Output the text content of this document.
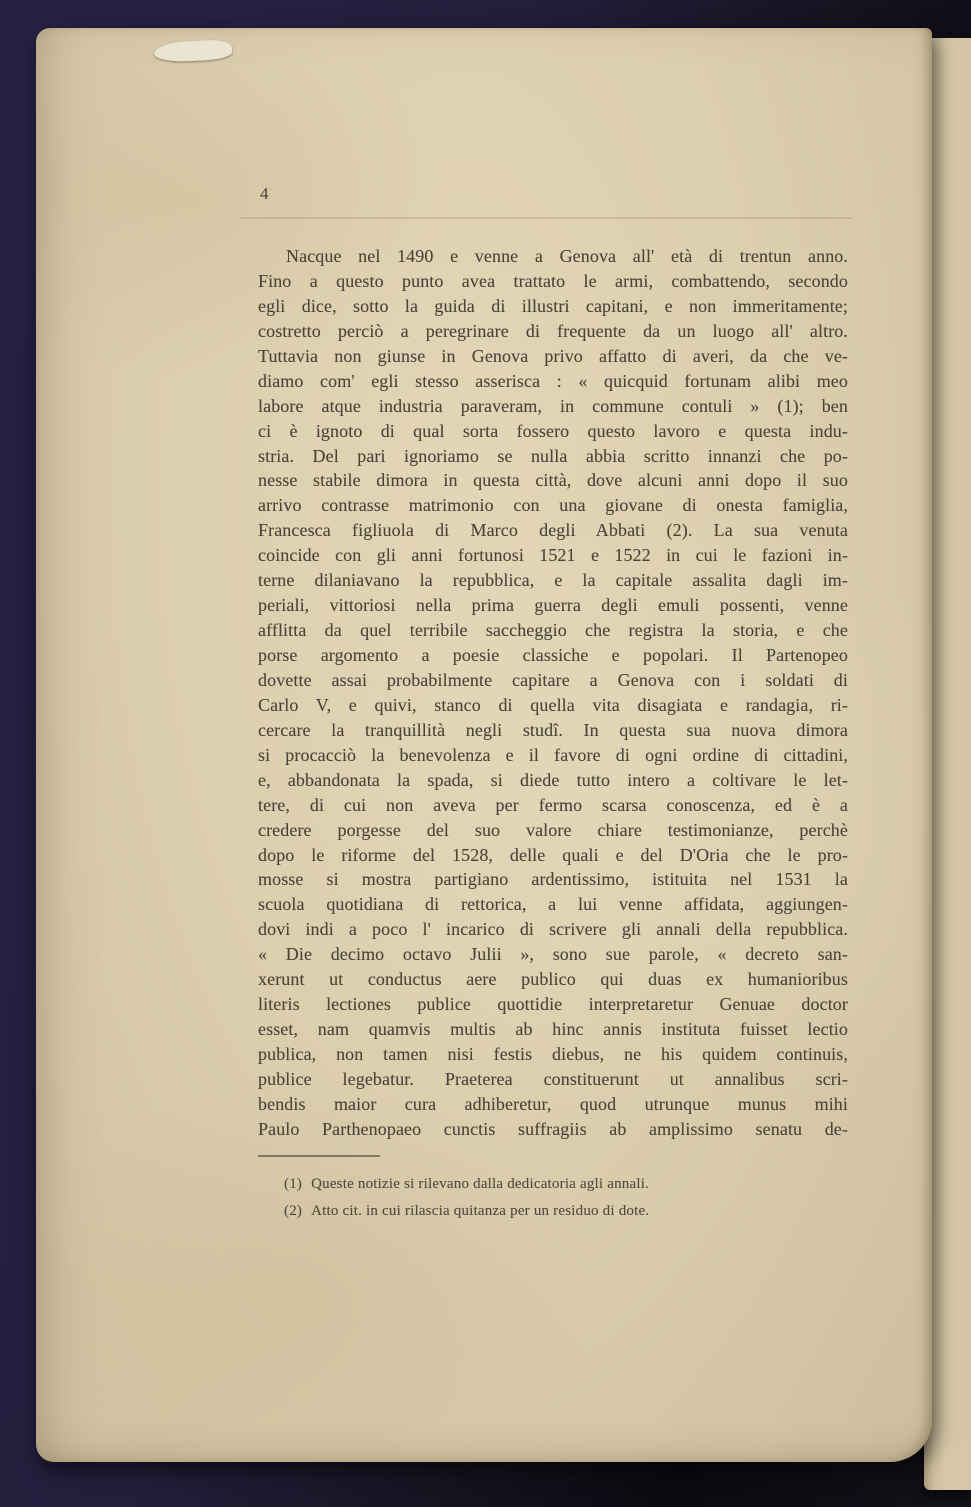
4
Nacque nel 1490 e venne a Genova all' età di trentun anno.
Fino a questo punto avea trattato le armi, combattendo, secondo
egli dice, sotto la guida di illustri capitani, e non immeritamente;
costretto perciò a peregrinare di frequente da un luogo all' altro.
Tuttavia non giunse in Genova privo affatto di averi, da che ve-
diamo com' egli stesso asserisca : « quicquid fortunam alibi meo
labore atque industria paraveram, in commune contuli » (1); ben
ci è ignoto di qual sorta fossero questo lavoro e questa indu-
stria. Del pari ignoriamo se nulla abbia scritto innanzi che po-
nesse stabile dimora in questa città, dove alcuni anni dopo il suo
arrivo contrasse matrimonio con una giovane di onesta famiglia,
Francesca figliuola di Marco degli Abbati (2). La sua venuta
coincide con gli anni fortunosi 1521 e 1522 in cui le fazioni in-
terne dilaniavano la repubblica, e la capitale assalita dagli im-
periali, vittoriosi nella prima guerra degli emuli possenti, venne
afflitta da quel terribile saccheggio che registra la storia, e che
porse argomento a poesie classiche e popolari. Il Partenopeo
dovette assai probabilmente capitare a Genova con i soldati di
Carlo V, e quivi, stanco di quella vita disagiata e randagia, ri-
cercare la tranquillità negli studî. In questa sua nuova dimora
si procacciò la benevolenza e il favore di ogni ordine di cittadini,
e, abbandonata la spada, si diede tutto intero a coltivare le let-
tere, di cui non aveva per fermo scarsa conoscenza, ed è a
credere porgesse del suo valore chiare testimonianze, perchè
dopo le riforme del 1528, delle quali e del D'Oria che le pro-
mosse si mostra partigiano ardentissimo, istituita nel 1531 la
scuola quotidiana di rettorica, a lui venne affidata, aggiungen-
dovi indi a poco l' incarico di scrivere gli annali della repubblica.
« Die decimo octavo Julii », sono sue parole, « decreto san-
xerunt ut conductus aere publico qui duas ex humanioribus
literis lectiones publice quottidie interpretaretur Genuae doctor
esset, nam quamvis multis ab hinc annis instituta fuisset lectio
publica, non tamen nisi festis diebus, ne his quidem continuis,
publice legebatur. Praeterea constituerunt ut annalibus scri-
bendis maior cura adhiberetur, quod utrunque munus mihi
Paulo Parthenopaeo cunctis suffragiis ab amplissimo senatu de-
(1) Queste notizie si rilevano dalla dedicatoria agli annali.
(2) Atto cit. in cui rilascia quitanza per un residuo di dote.
